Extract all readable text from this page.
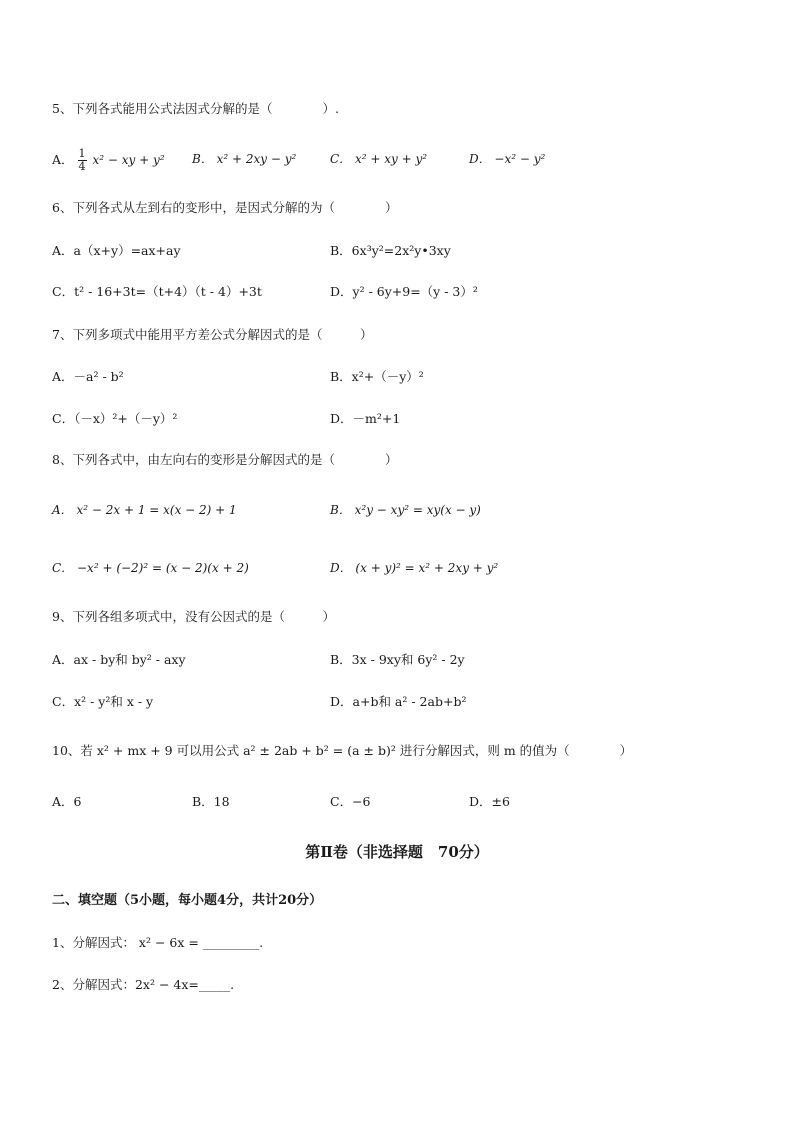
5、下列各式能用公式法因式分解的是（　　　　）.
A． $\frac{1}{4} x^2$ − xy + y² B． x² + 2xy − y²	C． x² + xy + y²	D． −x² − y²
6、下列各式从左到右的变形中，是因式分解的为（　　　　）
A．a（x+y）=ax+ay	B．6x³y²=2x²y•3xy
C．t² - 16+3t=（t+4）（t - 4）+3t	D．y² - 6y+9=（y - 3）²
7、下列多项式中能用平方差公式分解因式的是（　　　）
A．－a² - b²	B．x²+（－y）²
C．（－x）²+（－y）²	D．－m²+1
8、下列各式中，由左向右的变形是分解因式的是（　　　　）
A． x² − 2x + 1 = x(x − 2) + 1	B． x²y − xy² = xy(x − y)
C． −x² + (−2)² = (x − 2)(x + 2)	D． (x + y)² = x² + 2xy + y²
9、下列各组多项式中，没有公因式的是（　　　）
A．ax - by和 by² - axy	B．3x - 9xy和 6y² - 2y
C．x² - y²和 x - y	D．a+b和 a² - 2ab+b²
10、若 x² + mx + 9 可以用公式 a² ± 2ab + b² = (a ± b)² 进行分解因式，则 m 的值为（　　　　）
A．6	B．18	C．−6	D．±6
第Ⅱ卷（非选择题　70分）
二、填空题（5小题，每小题4分，共计20分）
1、分解因式： x² − 6x = _________.
2、分解因式：2x² − 4x=_____.
